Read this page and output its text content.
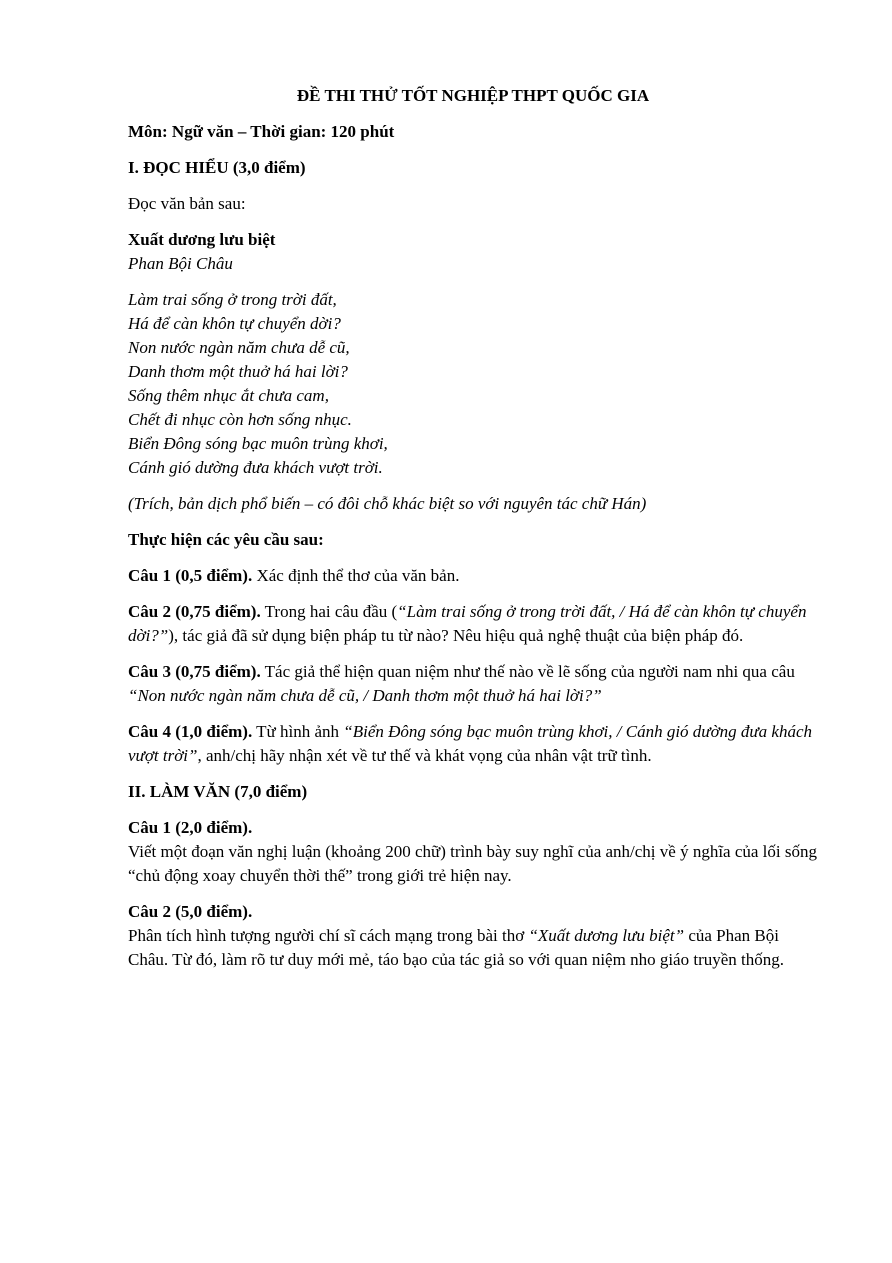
ĐỀ THI THỬ TỐT NGHIỆP THPT QUỐC GIA

Môn: Ngữ văn – Thời gian: 120 phút

I. ĐỌC HIỂU (3,0 điểm)

Đọc văn bản sau:

Xuất dương lưu biệt

Phan Bội Châu

Làm trai sống ở trong trời đất,
Há để càn khôn tự chuyển dời?
Non nước ngàn năm chưa dễ cũ,
Danh thơm một thuở há hai lời?
Sống thêm nhục ắt chưa cam,
Chết đi nhục còn hơn sống nhục.
Biển Đông sóng bạc muôn trùng khơi,
Cánh gió dường đưa khách vượt trời.

(Trích, bản dịch phổ biến – có đôi chỗ khác biệt so với nguyên tác chữ Hán)

Thực hiện các yêu cầu sau:

Câu 1 (0,5 điểm). Xác định thể thơ của văn bản.

Câu 2 (0,75 điểm). Trong hai câu đầu (“Làm trai sống ở trong trời đất, / Há để càn khôn tự chuyển dời?”), tác giả đã sử dụng biện pháp tu từ nào? Nêu hiệu quả nghệ thuật của biện pháp đó.

Câu 3 (0,75 điểm). Tác giả thể hiện quan niệm như thế nào về lẽ sống của người nam nhi qua câu “Non nước ngàn năm chưa dễ cũ, / Danh thơm một thuở há hai lời?”

Câu 4 (1,0 điểm). Từ hình ảnh “Biển Đông sóng bạc muôn trùng khơi, / Cánh gió dường đưa khách vượt trời”, anh/chị hãy nhận xét về tư thế và khát vọng của nhân vật trữ tình.

II. LÀM VĂN (7,0 điểm)

Câu 1 (2,0 điểm).
Viết một đoạn văn nghị luận (khoảng 200 chữ) trình bày suy nghĩ của anh/chị về ý nghĩa của lối sống “chủ động xoay chuyển thời thế” trong giới trẻ hiện nay.

Câu 2 (5,0 điểm).
Phân tích hình tượng người chí sĩ cách mạng trong bài thơ “Xuất dương lưu biệt” của Phan Bội Châu. Từ đó, làm rõ tư duy mới mẻ, táo bạo của tác giả so với quan niệm nho giáo truyền thống.
